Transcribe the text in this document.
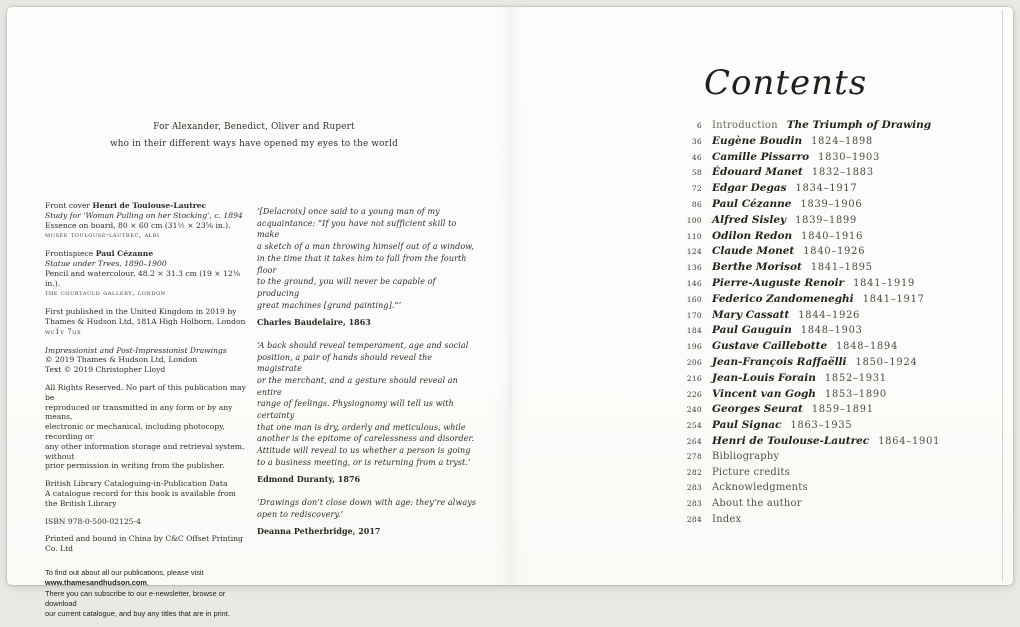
For Alexander, Benedict, Oliver and Rupert
who in their different ways have opened my eyes to the world
Front cover Henri de Toulouse-Lautrec
Study for ‘Woman Pulling on her Stocking’, c. 1894
Essence on board, 80 × 60 cm (31½ × 23⅝ in.).
musée toulouse-lautrec, albi
Frontispiece Paul Cézanne
Statue under Trees, 1890–1900
Pencil and watercolour, 48.2 × 31.3 cm (19 × 12⅜ in.).
the courtauld gallery, london
First published in the United Kingdom in 2019 by
Thames & Hudson Ltd, 181A High Holborn, London wc1v 7qx
Impressionist and Post-Impressionist Drawings
© 2019 Thames & Hudson Ltd, London
Text © 2019 Christopher Lloyd
All Rights Reserved. No part of this publication may be
reproduced or transmitted in any form or by any means,
electronic or mechanical, including photocopy, recording or
any other information storage and retrieval system, without
prior permission in writing from the publisher.
British Library Cataloguing-in-Publication Data
A catalogue record for this book is available from
the British Library
ISBN 978-0-500-02125-4
Printed and bound in China by C&C Offset Printing Co. Ltd
To find out about all our publications, please visit
www.thamesandhudson.com.
There you can subscribe to our e-newsletter, browse or download
our current catalogue, and buy any titles that are in print.
‘[Delacroix] once said to a young man of my
acquaintance: “If you have not sufficient skill to make
a sketch of a man throwing himself out of a window,
in the time that it takes him to fall from the fourth floor
to the ground, you will never be capable of producing
great machines [grand painting].”’
Charles Baudelaire, 1863
‘A back should reveal temperament, age and social
position, a pair of hands should reveal the magistrate
or the merchant, and a gesture should reveal an entire
range of feelings. Physiognomy will tell us with certainty
that one man is dry, orderly and meticulous, while
another is the epitome of carelessness and disorder.
Attitude will reveal to us whether a person is going
to a business meeting, or is returning from a tryst.’
Edmond Duranty, 1876
‘Drawings don’t close down with age: they’re always
open to rediscovery.’
Deanna Petherbridge, 2017
Contents
6 Introduction The Triumph of Drawing
36 Eugène Boudin 1824–1898
46 Camille Pissarro 1830–1903
58 Édouard Manet 1832–1883
72 Edgar Degas 1834–1917
86 Paul Cézanne 1839–1906
100 Alfred Sisley 1839–1899
110 Odilon Redon 1840–1916
124 Claude Monet 1840–1926
136 Berthe Morisot 1841–1895
146 Pierre-Auguste Renoir 1841–1919
160 Federico Zandomeneghi 1841–1917
170 Mary Cassatt 1844–1926
184 Paul Gauguin 1848–1903
196 Gustave Caillebotte 1848–1894
206 Jean-François Raffaëlli 1850–1924
216 Jean-Louis Forain 1852–1931
226 Vincent van Gogh 1853–1890
240 Georges Seurat 1859–1891
254 Paul Signac 1863–1935
264 Henri de Toulouse-Lautrec 1864–1901
278 Bibliography
282 Picture credits
283 Acknowledgments
283 About the author
284 Index
